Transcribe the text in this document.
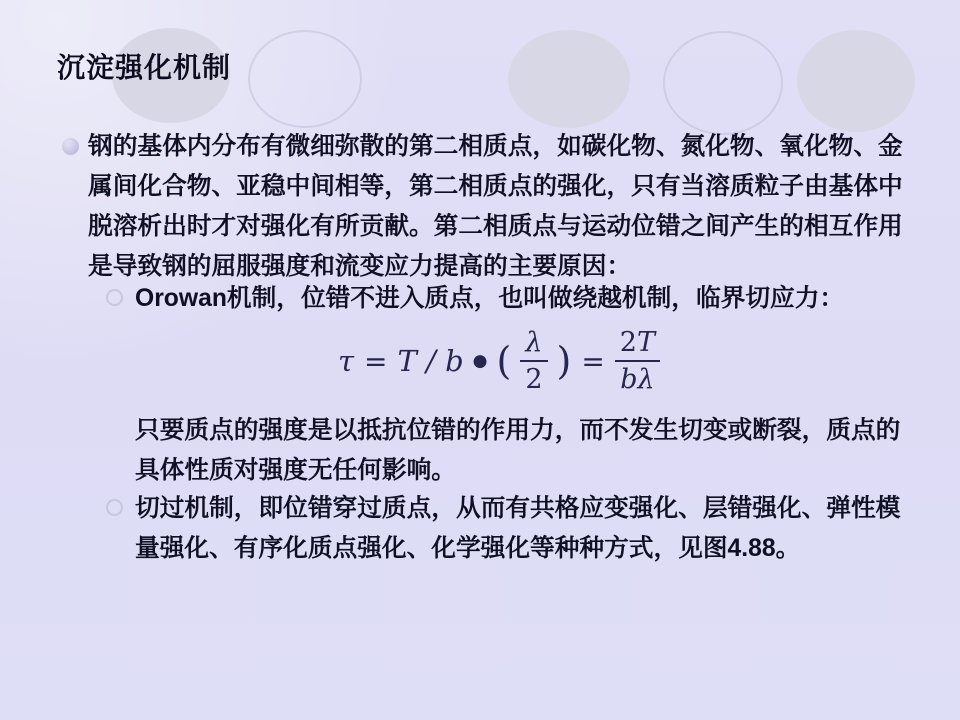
沉淀强化机制
钢的基体内分布有微细弥散的第二相质点，如碳化物、氮化物、氧化物、金
属间化合物、亚稳中间相等，第二相质点的强化，只有当溶质粒子由基体中
脱溶析出时才对强化有所贡献。第二相质点与运动位错之间产生的相互作用
是导致钢的屈服强度和流变应力提高的主要原因：
Orowan机制，位错不进入质点，也叫做绕越机制，临界切应力：
τ = T / b ● ( $\frac{\lambda}{2}$ ) = $\frac{2T}{b\lambda}$
只要质点的强度是以抵抗位错的作用力，而不发生切变或断裂，质点的
具体性质对强度无任何影响。
切过机制，即位错穿过质点，从而有共格应变强化、层错强化、弹性模
量强化、有序化质点强化、化学强化等种种方式，见图4.88。
